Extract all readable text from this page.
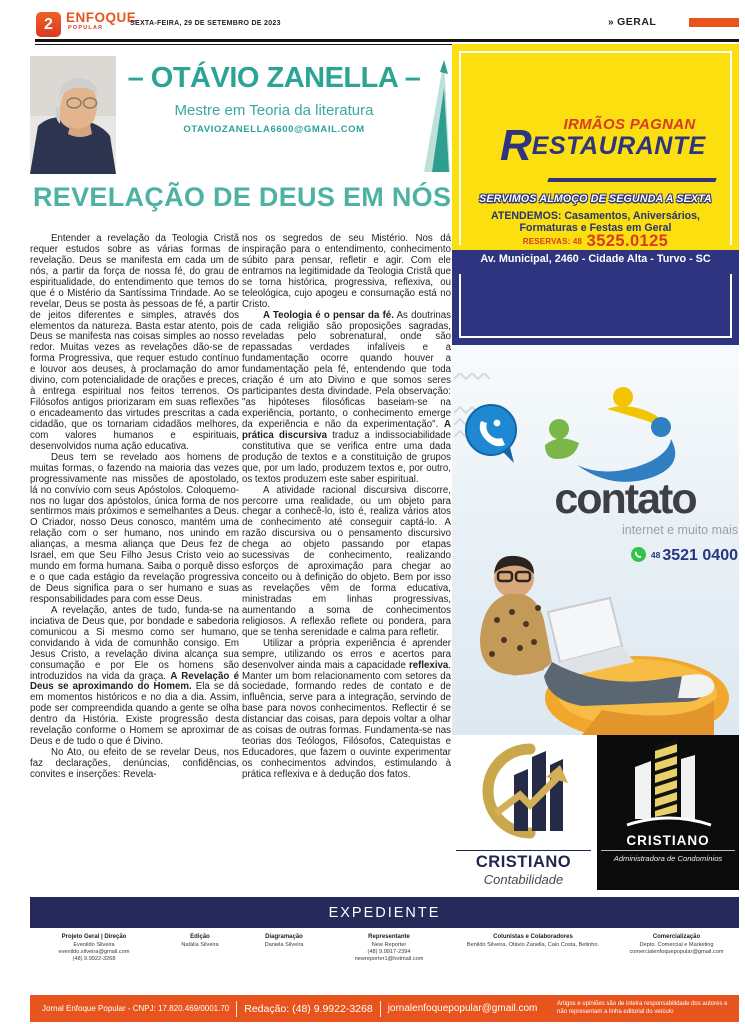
2 ENFOQUE
POPULAR
SEXTA-FEIRA, 29 DE SETEMBRO DE 2023	» GERAL
– OTÁVIO ZANELLA –
Mestre em Teoria da literatura
OTAVIOZANELLA6600@GMAIL.COM
REVELAÇÃO DE DEUS EM NÓS

Entender a revelação da Teologia Cristã requer estudos sobre as várias formas de revelação. Deus se manifesta em cada um de nós, a partir da força de nossa fé, do grau de espiritualidade, do entendimento que temos do que é o Mistério da Santíssima Trindade. Ao se revelar, Deus se posta às pessoas de fé, a partir de jeitos diferentes e simples, através dos elementos da natureza. Basta estar atento, pois Deus se manifesta nas coisas simples ao nosso redor. Muitas vezes as revelações dão-se de forma Progressiva, que requer estudo contínuo e louvor aos deuses, à proclamação do amor divino, com potencialidade de orações e preces, à entrega espiritual nos feitos terrenos. Os Filósofos antigos priorizaram em suas reflexões o encadeamento das virtudes prescritas a cada cidadão, que os tornariam cidadãos melhores, com valores humanos e espirituais, desenvolvidos numa ação educativa.

Deus tem se revelado aos homens de muitas formas, o fazendo na maioria das vezes progressivamente nas missões de apostolado, lá no convívio com seus Apóstolos. Coloquemo-nos no lugar dos apóstolos, única forma de nos sentirmos mais próximos e semelhantes a Deus. O Criador, nosso Deus conosco, mantém uma relação com o ser humano, nos unindo em alianças, a mesma aliança que Deus fez de Israel, em que Seu Filho Jesus Cristo veio ao mundo em forma humana. Saiba o porquê disso e o que cada estágio da revelação progressiva de Deus significa para o ser humano e suas responsabilidades para com esse Deus.

A revelação, antes de tudo, funda-se na inciativa de Deus que, por bondade e sabedoria comunicou a Si mesmo como ser humano, convidando à vida de comunhão consigo. Em Jesus Cristo, a revelação divina alcança sua consumação e por Ele os homens são introduzidos na vida da graça. A Revelação é Deus se aproximando do Homem. Ela se dá em momentos históricos e no dia a dia. Assim, pode ser compreendida quando a gente se olha dentro da História. Existe progressão desta revelação conforme o Homem se aproximar de Deus e de tudo o que é Divino.

No Ato, ou efeito de se revelar Deus, nos faz declarações, denúncias, confidências, convites e inserções: Revela-

nos os segredos de seu Mistério. Nos dá inspiração para o entendimento, conhecimento súbito para pensar, refletir e agir. Com ele entramos na legitimidade da Teologia Cristã que se torna histórica, progressiva, reflexiva, ou teleológica, cujo apogeu e consumação está no Cristo.

A Teologia é o pensar da fé. As doutrinas de cada religião são proposições sagradas, reveladas pelo sobrenatural, onde são repassadas verdades infalíveis e a fundamentação ocorre quando houver a fundamentação pela fé, entendendo que toda criação é um ato Divino e que somos seres participantes desta divindade. Pela observação: "as hipóteses filosóficas baseiam-se na experiência, portanto, o conhecimento emerge da experiência e não da experimentação". A prática discursiva traduz a indissociabilidade constitutiva que se verifica entre uma dada produção de textos e a constituição de grupos que, por um lado, produzem textos e, por outro, os textos produzem este saber espiritual.

A atividade racional discursiva discorre, percorre uma realidade, ou um objeto para chegar a conhecê-lo, isto é, realiza vários atos de conhecimento até conseguir captá-lo. A razão discursiva ou o pensamento discursivo chega ao objeto passando por etapas sucessivas de conhecimento, realizando esforços de aproximação para chegar ao conceito ou à definição do objeto. Bem por isso as revelações vêm de forma educativa, ministradas em linhas progressivas, aumentando a soma de conhecimentos religiosos. A reflexão reflete ou pondera, para que se tenha serenidade e calma para refletir.

Utilizar a própria experiência é aprender sempre, utilizando os erros e acertos para desenvolver ainda mais a capacidade reflexiva. Manter um bom relacionamento com setores da sociedade, formando redes de contato e de influência, serve para a integração, servindo de base para novos conhecimentos. Reflectir é se distanciar das coisas, para depois voltar a olhar as coisas de outras formas. Fundamenta-se nas teorias dos Teólogos, Filósofos, Catequistas e Educadores, que fazem o ouvinte experimentar os conhecimentos advindos, estimulando à prática reflexiva e à dedução dos fatos.

IRMÃOS PAGNAN
RESTAURANTE
SERVIMOS ALMOÇO DE SEGUNDA A SEXTA
ATENDEMOS: Casamentos, Aniversários,
Formaturas e Festas em Geral
RESERVAS: 48 3525.0125
Av. Municipal, 2460 - Cidade Alta - Turvo - SC
contato
internet e muito mais
48 3521 0400
CRISTIANO
Contabilidade
CRISTIANO
Administradora de Condomínios
EXPEDIENTE
Projeto Geral | Direção
Evenildo Silveira
evenildo.silveira@gmail.com
(48) 9.9922-3268
Edição
Natália Silveira
Diagramação
Daniela Silveira
Representante
New Reporter
(48) 9.9917-2394
newreporter1@hotmail.com
Colunistas e Colaboradores
Benildo Silveira, Otávio Zanella, Caio Costa, Betinho.
Comercialização
Depto. Comercial e Marketing
comercialenfoquepopular@gmail.com
Jornal Enfoque Popular - CNPJ: 17.820.469/0001.70 Redação: (48) 9.9922-3268 jornalenfoquepopular@gmail.com	Artigos e opiniões são de inteira responsabilidade dos autores e não representam a linha editorial do veículo
